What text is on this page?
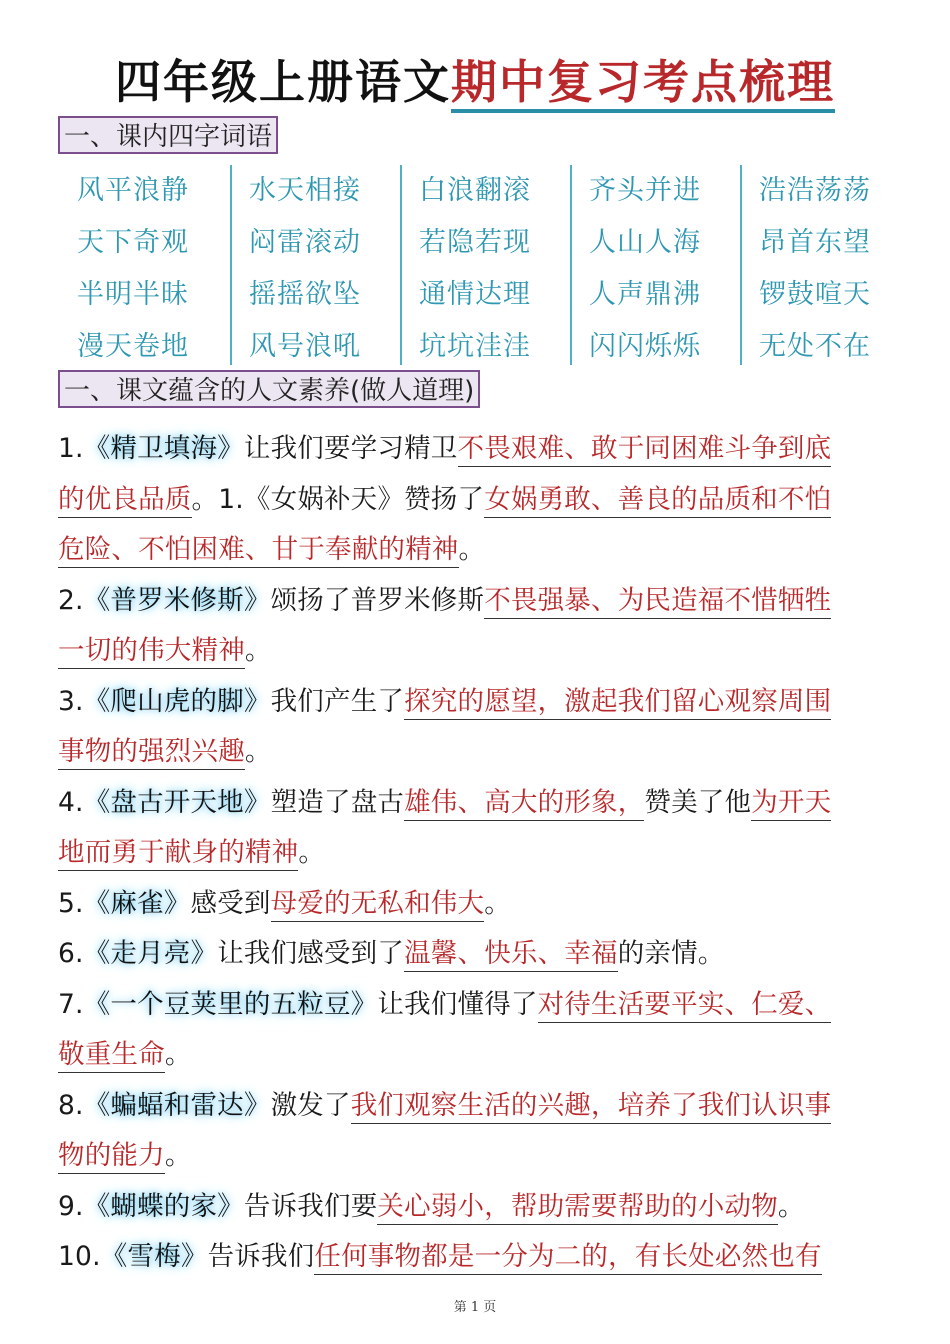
四年级上册语文期中复习考点梳理
一、课内四字词语
风平浪静
天下奇观
半明半昧
漫天卷地
水天相接
闷雷滚动
摇摇欲坠
风号浪吼
白浪翻滚
若隐若现
通情达理
坑坑洼洼
齐头并进
人山人海
人声鼎沸
闪闪烁烁
浩浩荡荡
昂首东望
锣鼓喧天
无处不在
一、课文蕴含的人文素养(做人道理)
1.《精卫填海》让我们要学习精卫不畏艰难、敢于同困难斗争到底
的优良品质。1.《女娲补天》赞扬了女娲勇敢、善良的品质和不怕
危险、不怕困难、甘于奉献的精神。
2.《普罗米修斯》颂扬了普罗米修斯不畏强暴、为民造福不惜牺牲
一切的伟大精神。
3.《爬山虎的脚》我们产生了探究的愿望，激起我们留心观察周围
事物的强烈兴趣。
4.《盘古开天地》塑造了盘古雄伟、高大的形象，赞美了他为开天
地而勇于献身的精神。
5.《麻雀》感受到母爱的无私和伟大。
6.《走月亮》让我们感受到了温馨、快乐、幸福的亲情。
7.《一个豆荚里的五粒豆》让我们懂得了对待生活要平实、仁爱、
敬重生命。
8.《蝙蝠和雷达》激发了我们观察生活的兴趣，培养了我们认识事
物的能力。
9.《蝴蝶的家》告诉我们要关心弱小，帮助需要帮助的小动物。
10.《雪梅》告诉我们任何事物都是一分为二的，有长处必然也有
第 1 页
